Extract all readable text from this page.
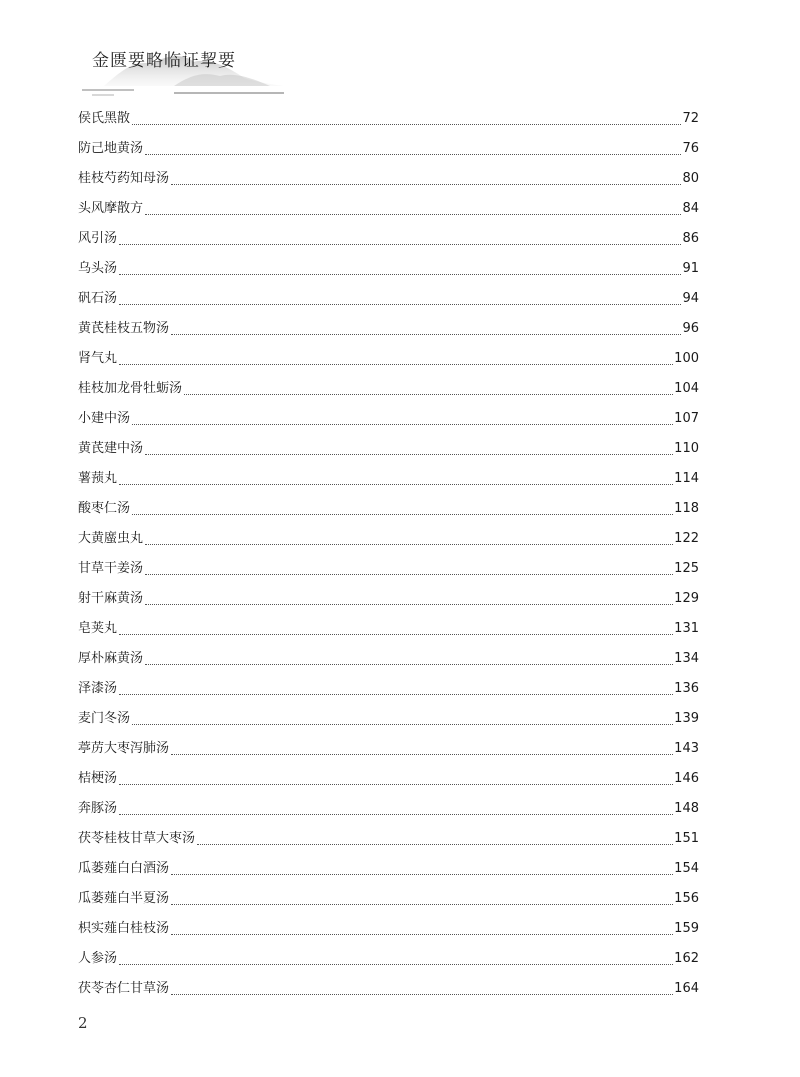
金匮要略临证挈要
侯氏黑散	72
防己地黄汤	76
桂枝芍药知母汤	80
头风摩散方	84
风引汤	86
乌头汤	91
矾石汤	94
黄芪桂枝五物汤	96
肾气丸	100
桂枝加龙骨牡蛎汤	104
小建中汤	107
黄芪建中汤	110
薯蓣丸	114
酸枣仁汤	118
大黄䗪虫丸	122
甘草干姜汤	125
射干麻黄汤	129
皂荚丸	131
厚朴麻黄汤	134
泽漆汤	136
麦门冬汤	139
葶苈大枣泻肺汤	143
桔梗汤	146
奔豚汤	148
茯苓桂枝甘草大枣汤	151
瓜蒌薤白白酒汤	154
瓜蒌薤白半夏汤	156
枳实薤白桂枝汤	159
人参汤	162
茯苓杏仁甘草汤	164
2
